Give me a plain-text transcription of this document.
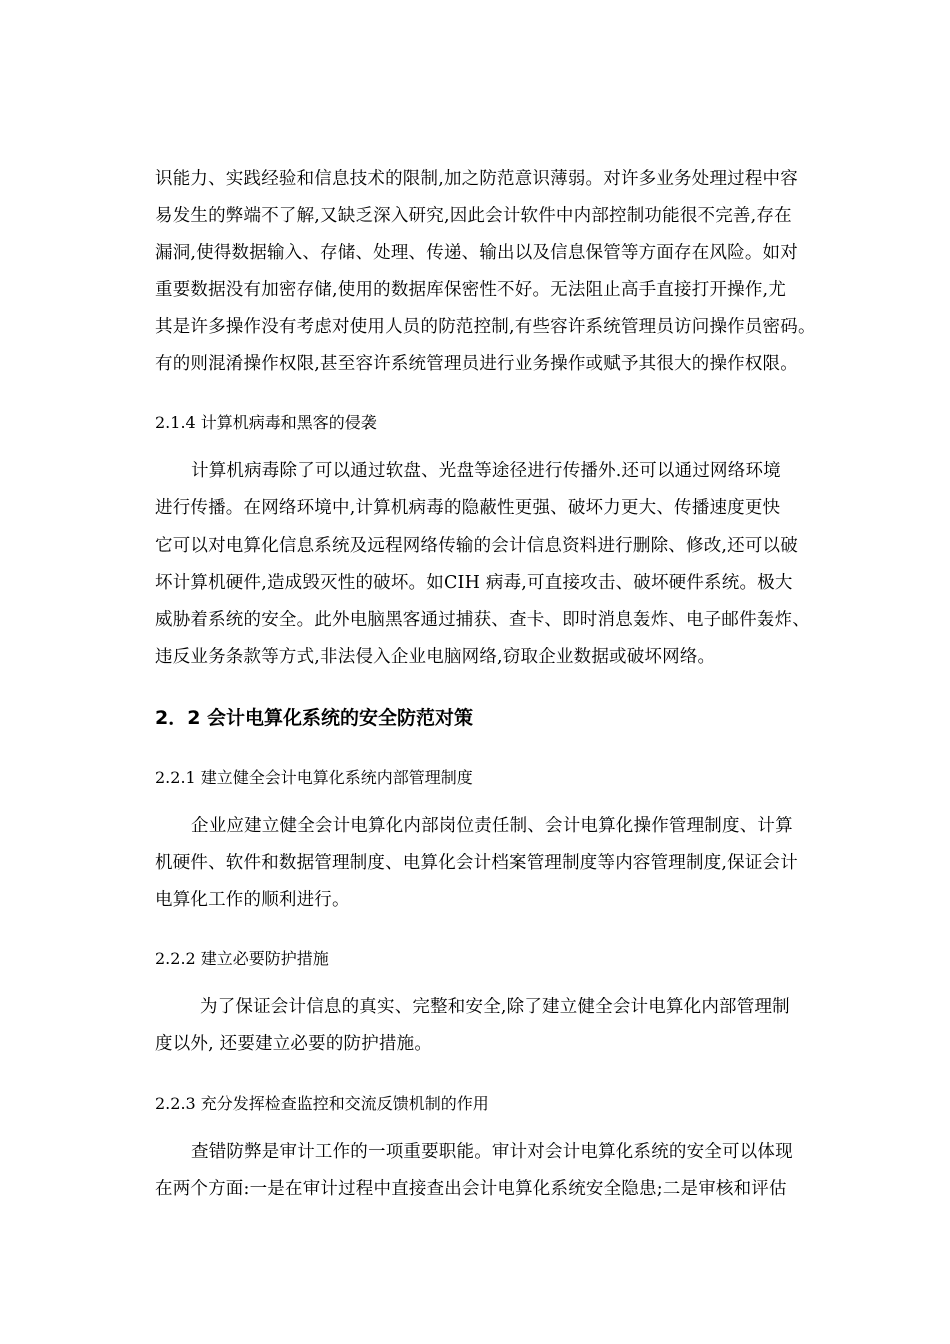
识能力、实践经验和信息技术的限制,加之防范意识薄弱。对许多业务处理过程中容
易发生的弊端不了解,又缺乏深入研究,因此会计软件中内部控制功能很不完善,存在
漏洞,使得数据输入、存储、处理、传递、输出以及信息保管等方面存在风险。如对
重要数据没有加密存储,使用的数据库保密性不好。无法阻止高手直接打开操作,尤
其是许多操作没有考虑对使用人员的防范控制,有些容许系统管理员访问操作员密码。
有的则混淆操作权限,甚至容许系统管理员进行业务操作或赋予其很大的操作权限。
2.1.4 计算机病毒和黑客的侵袭
计算机病毒除了可以通过软盘、光盘等途径进行传播外.还可以通过网络环境
进行传播。在网络环境中,计算机病毒的隐蔽性更强、破坏力更大、传播速度更快
它可以对电算化信息系统及远程网络传输的会计信息资料进行删除、修改,还可以破
坏计算机硬件,造成毁灭性的破坏。如CIH 病毒,可直接攻击、破坏硬件系统。极大
威胁着系统的安全。此外电脑黑客通过捕获、查卡、即时消息轰炸、电子邮件轰炸、
违反业务条款等方式,非法侵入企业电脑网络,窃取企业数据或破坏网络。
2．2 会计电算化系统的安全防范对策
2.2.1 建立健全会计电算化系统内部管理制度
企业应建立健全会计电算化内部岗位责任制、会计电算化操作管理制度、计算
机硬件、软件和数据管理制度、电算化会计档案管理制度等内容管理制度,保证会计
电算化工作的顺利进行。
2.2.2 建立必要防护措施
为了保证会计信息的真实、完整和安全,除了建立健全会计电算化内部管理制
度以外, 还要建立必要的防护措施。
2.2.3 充分发挥检查监控和交流反馈机制的作用
查错防弊是审计工作的一项重要职能。审计对会计电算化系统的安全可以体现
在两个方面:一是在审计过程中直接查出会计电算化系统安全隐患;二是审核和评估
